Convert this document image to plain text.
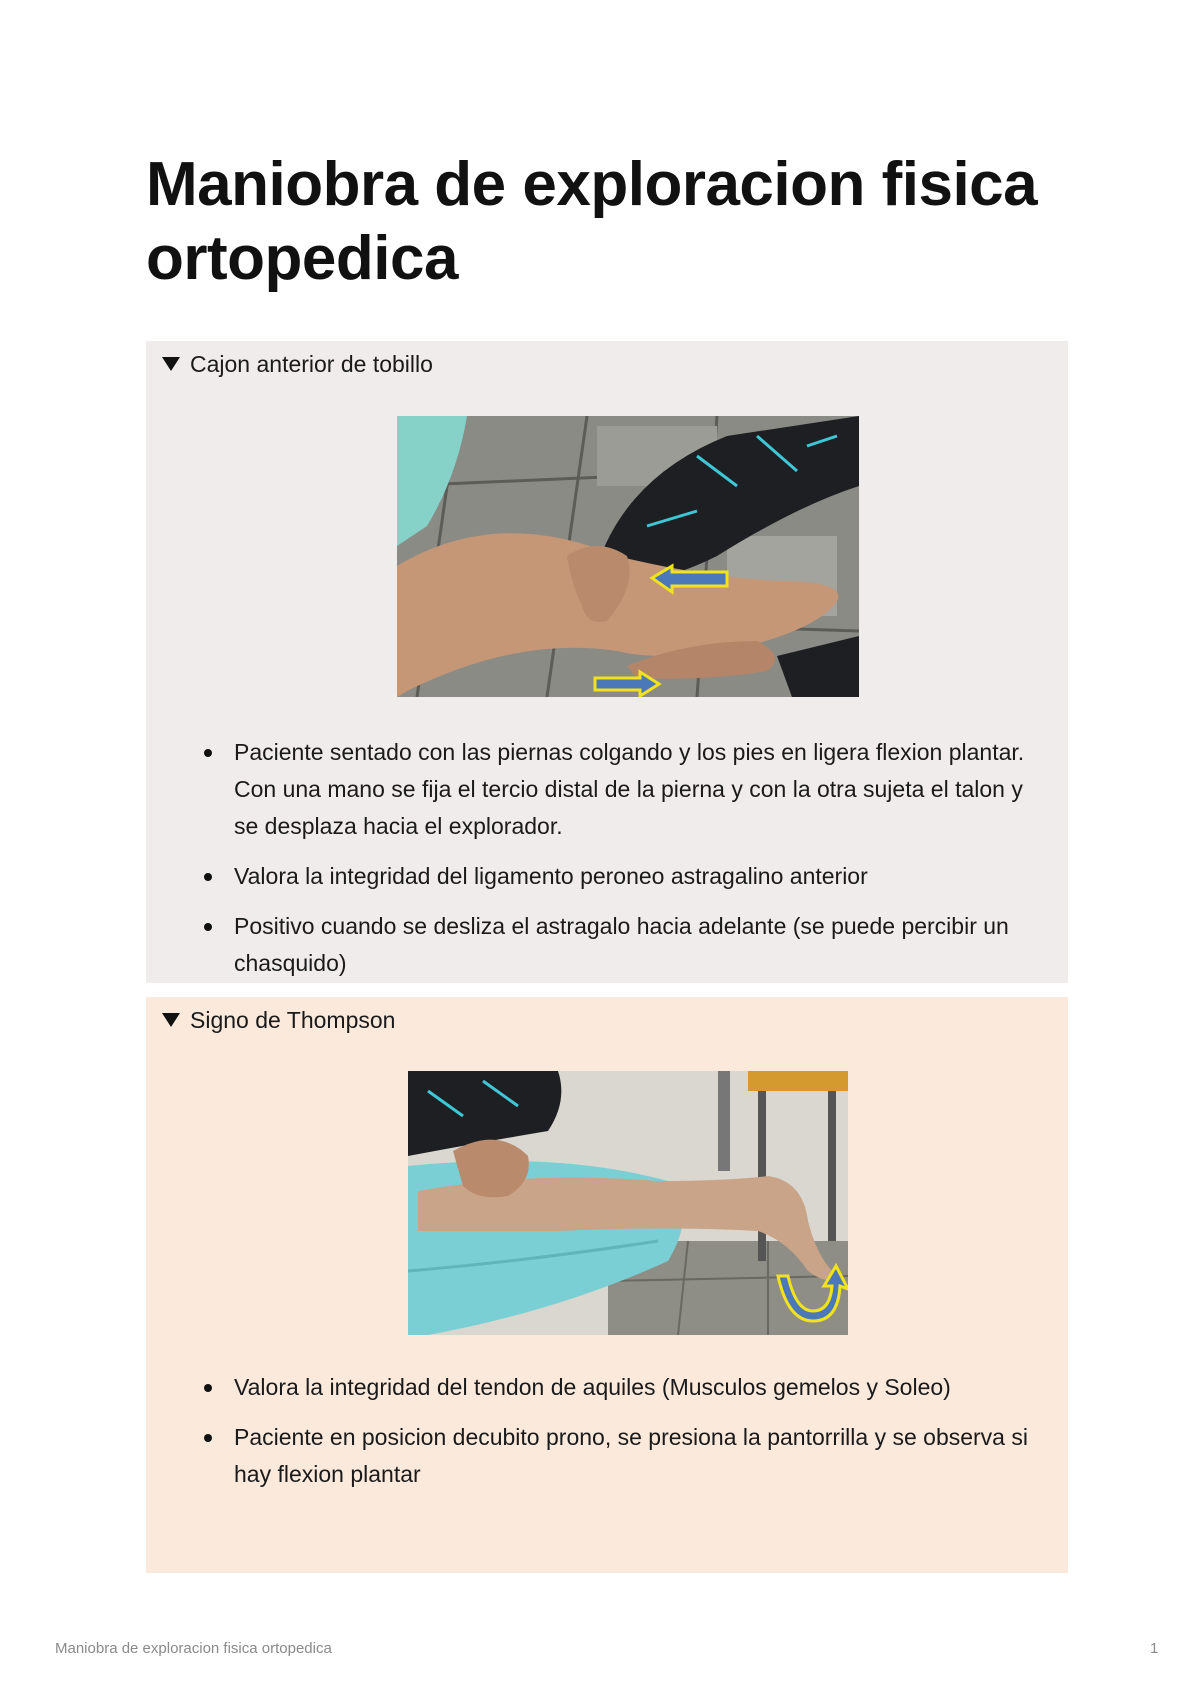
Maniobra de exploracion fisica ortopedica
Cajon anterior de tobillo
Paciente sentado con las piernas colgando y los pies en ligera flexion plantar. Con una mano se fija el tercio distal de la pierna y con la otra sujeta el talon y se desplaza hacia el explorador.
Valora la integridad del ligamento peroneo astragalino anterior
Positivo cuando se desliza el astragalo hacia adelante (se puede percibir un chasquido)
Signo de Thompson
Valora la integridad del tendon de aquiles (Musculos gemelos y Soleo)
Paciente en posicion decubito prono, se presiona la pantorrilla y se observa si hay flexion plantar
Maniobra de exploracion fisica ortopedica	1
